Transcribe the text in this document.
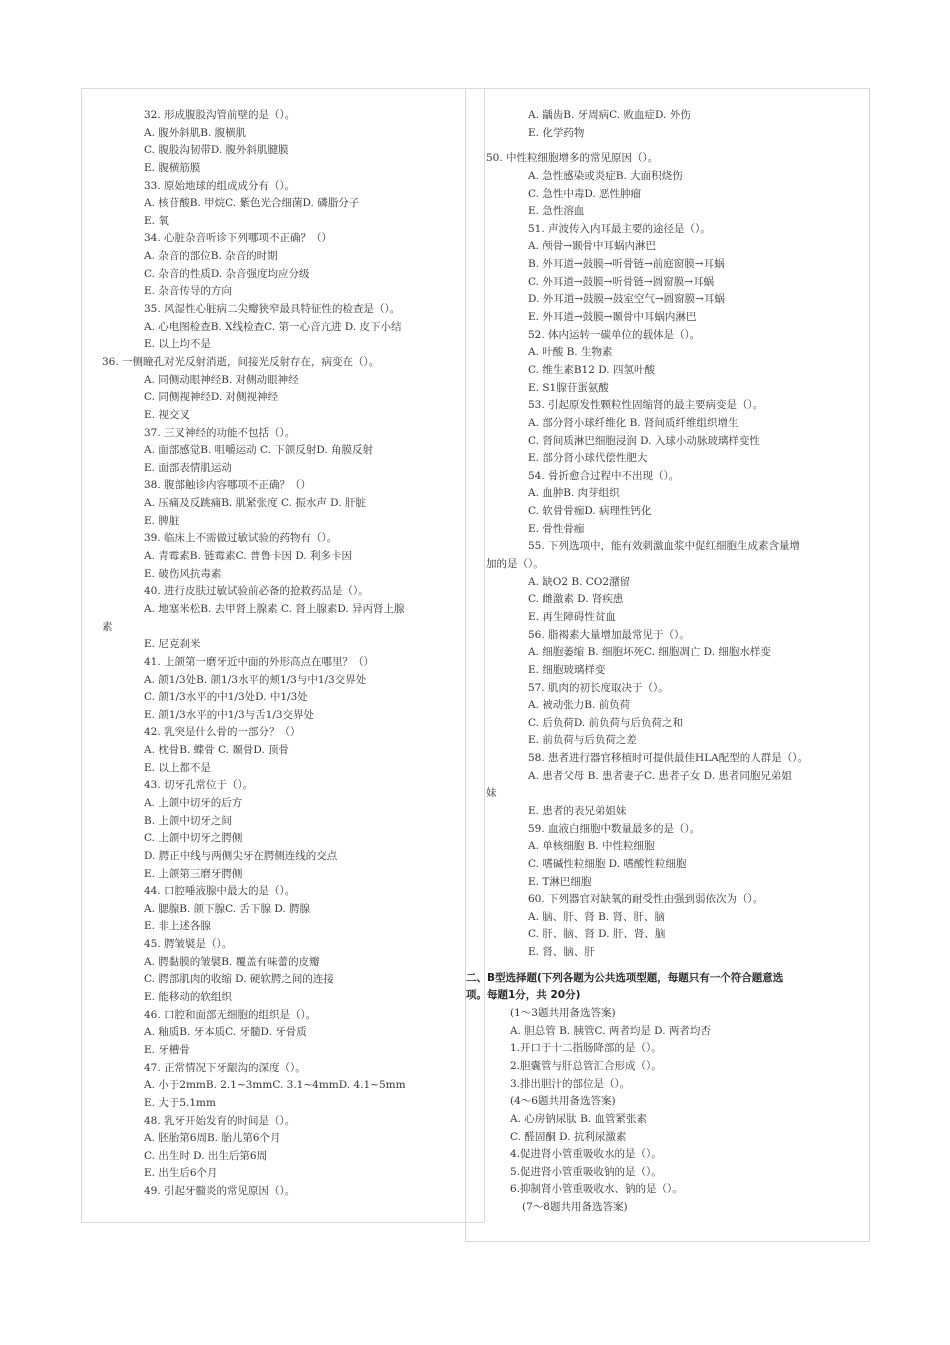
32. 形成腹股沟管前壁的是（）。
A. 腹外斜肌B. 腹横肌
C. 腹股沟韧带D. 腹外斜肌腱膜
E. 腹横筋膜
33. 原始地球的组成成分有（）。
A. 核苷酸B. 甲烷C. 紫色光合细菌D. 磷脂分子
E. 氧
34. 心脏杂音听诊下列哪项不正确？（）
A. 杂音的部位B. 杂音的时期
C. 杂音的性质D. 杂音强度均应分级
E. 杂音传导的方向
35. 风湿性心脏病二尖瓣狭窄最具特征性的检查是（）。
A. 心电图检查B. X线检查C. 第一心音亢进 D. 皮下小结
E. 以上均不是
36. 一侧瞳孔对光反射消逝，间接光反射存在，病变在（）。
A. 同侧动眼神经B. 对侧动眼神经
C. 同侧视神经D. 对侧视神经
E. 视交叉
37. 三叉神经的功能不包括（）。
A. 面部感觉B. 咀嚼运动 C. 下颌反射D. 角膜反射
E. 面部表情肌运动
38. 腹部触诊内容哪项不正确？（）
A. 压痛及反跳痛B. 肌紧张度 C. 振水声 D. 肝脏
E. 脾脏
39. 临床上不需做过敏试验的药物有（）。
A. 青霉素B. 链霉素C. 普鲁卡因 D. 利多卡因
E. 破伤风抗毒素
40. 进行皮肤过敏试验前必备的抢救药品是（）。
A. 地塞米松B. 去甲肾上腺素 C. 肾上腺素D. 异丙肾上腺
素
E. 尼克刹米
41. 上颌第一磨牙近中面的外形高点在哪里？（）
A. 颌1/3处B. 颌1/3水平的颊1/3与中1/3交界处
C. 颌1/3水平的中1/3处D. 中1/3处
E. 颌1/3水平的中1/3与舌1/3交界处
42. 乳突是什么骨的一部分？（）
A. 枕骨B. 蝶骨 C. 颞骨D. 顶骨
E. 以上都不是
43. 切牙孔常位于（）。
A. 上颌中切牙的后方
B. 上颌中切牙之间
C. 上颌中切牙之腭侧
D. 腭正中线与两侧尖牙在腭侧连线的交点
E. 上颌第三磨牙腭侧
44. 口腔唾液腺中最大的是（）。
A. 腮腺B. 颌下腺C. 舌下腺 D. 腭腺
E. 非上述各腺
45. 腭皱襞是（）。
A. 腭黏膜的皱襞B. 覆盖有味蕾的皮瓣
C. 腭部肌肉的收缩 D. 硬软腭之间的连接
E. 能移动的软组织
46. 口腔和面部无细胞的组织是（）。
A. 釉质B. 牙本质C. 牙髓D. 牙骨质
E. 牙槽骨
47. 正常情况下牙龈沟的深度（）。
A. 小于2mmB. 2.1~3mmC. 3.1~4mmD. 4.1~5mm
E. 大于5.1mm
48. 乳牙开始发育的时间是（）。
A. 胚胎第6周B. 胎儿第6个月
C. 出生时 D. 出生后第6周
E. 出生后6个月
49. 引起牙髓炎的常见原因（）。
A. 龋齿B. 牙周病C. 败血症D. 外伤
E. 化学药物
50. 中性粒细胞增多的常见原因（）。
A. 急性感染或炎症B. 大面积烧伤
C. 急性中毒D. 恶性肿瘤
E. 急性溶血
51. 声波传入内耳最主要的途径是（）。
A. 颅骨→颞骨中耳蜗内淋巴
B. 外耳道→鼓膜→听骨链→前庭窗膜→耳蜗
C. 外耳道→鼓膜→听骨链→圆窗膜→耳蜗
D. 外耳道→鼓膜→鼓室空气→圆窗膜→耳蜗
E. 外耳道→鼓膜→颞骨中耳蜗内淋巴
52. 体内运转一碳单位的载体是（）。
A. 叶酸 B. 生物素
C. 维生素B12 D. 四氢叶酸
E. S1腺苷蛋氨酸
53. 引起原发性颗粒性固缩肾的最主要病变是（）。
A. 部分肾小球纤维化 B. 肾间质纤维组织增生
C. 肾间质淋巴细胞浸润 D. 入球小动脉玻璃样变性
E. 部分肾小球代偿性肥大
54. 骨折愈合过程中不出现（）。
A. 血肿B. 肉芽组织
C. 软骨骨痂D. 病理性钙化
E. 骨性骨痂
55. 下列选项中，能有效刺激血浆中促红细胞生成素含量增
加的是（）。
A. 缺O2 B. CO2潴留
C. 雌激素 D. 肾疾患
E. 再生障碍性贫血
56. 脂褐素大量增加最常见于（）。
A. 细胞萎缩 B. 细胞坏死C. 细胞凋亡 D. 细胞水样变
E. 细胞玻璃样变
57. 肌肉的初长度取决于（）。
A. 被动张力B. 前负荷
C. 后负荷D. 前负荷与后负荷之和
E. 前负荷与后负荷之差
58. 患者进行器官移植时可提供最佳HLA配型的人群是（）。
A. 患者父母 B. 患者妻子C. 患者子女 D. 患者同胞兄弟姐
妹
E. 患者的表兄弟姐妹
59. 血液白细胞中数量最多的是（）。
A. 单核细胞 B. 中性粒细胞
C. 嗜碱性粒细胞 D. 嗜酸性粒细胞
E. T淋巴细胞
60. 下列器官对缺氧的耐受性由强到弱依次为（）。
A. 脑、肝、肾 B. 肾、肝、脑
C. 肝、脑、肾 D. 肝、肾、脑
E. 肾、脑、肝
二、B型选择题(下列各题为公共选项型题，每题只有一个符合题意选
项。每题1分，共 20分)
(1～3题共用备选答案)
A. 胆总管 B. 胰管C. 两者均是 D. 两者均否
1.开口于十二指肠降部的是（）。
2.胆囊管与肝总管汇合形成（）。
3.排出胆汁的部位是（）。
(4～6题共用备选答案)
A. 心房钠尿肽 B. 血管紧张素
C. 醛固酮 D. 抗利尿激素
4.促进肾小管重吸收水的是（）。
5.促进肾小管重吸收钠的是（）。
6.抑制肾小管重吸收水、钠的是（）。
(7～8题共用备选答案)
